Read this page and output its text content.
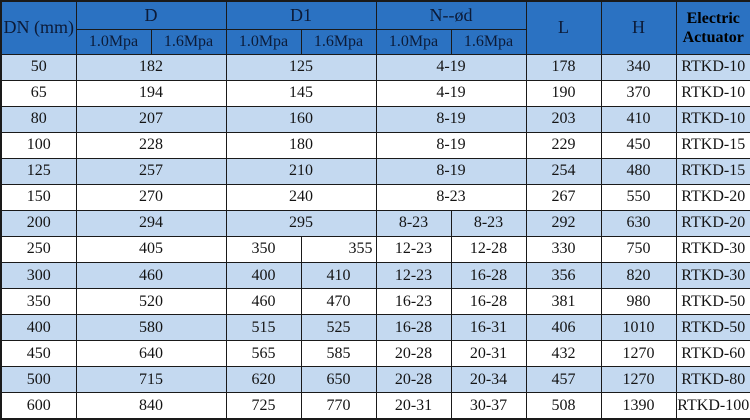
DN (mm)	D		D1		N--ød		L	H	Electric
Actuator

	1.0Mpa	1.6Mpa	1.0Mpa	1.6Mpa	1.0Mpa	1.6Mpa			
50	182		125		4-19		178	340	RTKD-10
65	194		145		4-19		190	370	RTKD-10
80	207		160		8-19		203	410	RTKD-10
100	228		180		8-19		229	450	RTKD-15
125	257		210		8-19		254	480	RTKD-15
150	270		240		8-23		267	550	RTKD-20
200	294		295		8-23	8-23	292	630	RTKD-20
250	405		350	355	12-23	12-28	330	750	RTKD-30
300	460		400	410	12-23	16-28	356	820	RTKD-30
350	520		460	470	16-23	16-28	381	980	RTKD-50
400	580		515	525	16-28	16-31	406	1010	RTKD-50
450	640		565	585	20-28	20-31	432	1270	RTKD-60
500	715		620	650	20-28	20-34	457	1270	RTKD-80
600	840		725	770	20-31	30-37	508	1390	RTKD-100
